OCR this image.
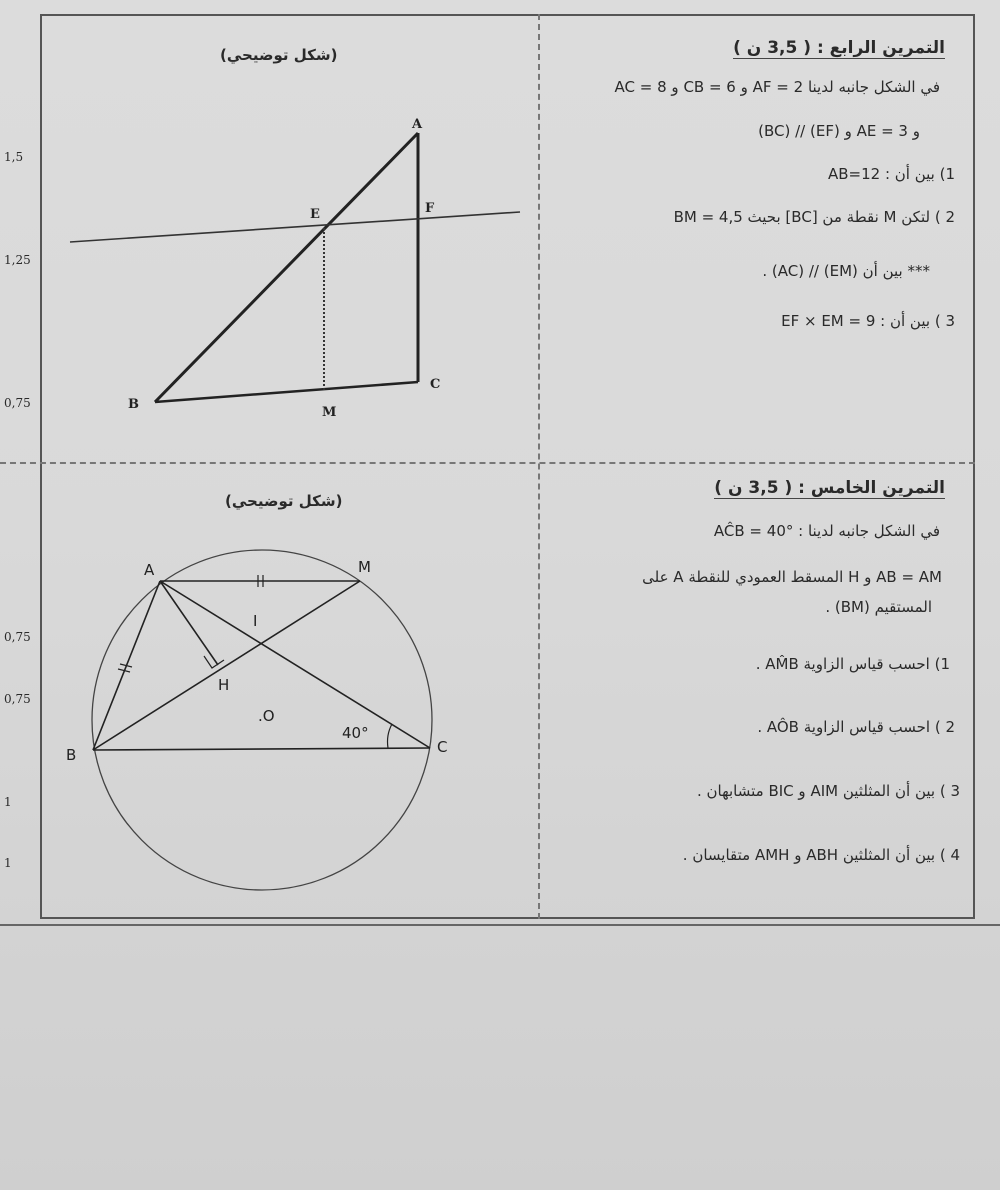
1,5
1,25
0,75
0,75
0,75
1
1
التمرين الرابع : ( 3,5 ن )
في الشكل جانبه لدينا AF = 2 و CB = 6 و AC = 8
و AE = 3 و (EF) // (BC)
1) بين أن : AB=12
2 ) لتكن M نقطة من [BC] بحيث BM = 4,5
*** بين أن (EM) // (AC) .
3 ) بين أن : EF × EM = 9
(شكل توضيحي)
التمرين الخامس : ( 3,5 ن )
في الشكل جانبه لدينا : AĈB = 40°
AB = AM و H المسقط العمودي للنقطة A على
المستقيم (BM) .
1) احسب قياس الزاوية AM̂B .
2 ) احسب قياس الزاوية AÔB .
3 ) بين أن المثلثين AIM و BIC متشابهان .
4 ) بين أن المثلثين ABH و AMH متقايسان .
(شكل توضيحي)
A
E	F
B
M
C
A	M
I
H
.O
B	C
40°
